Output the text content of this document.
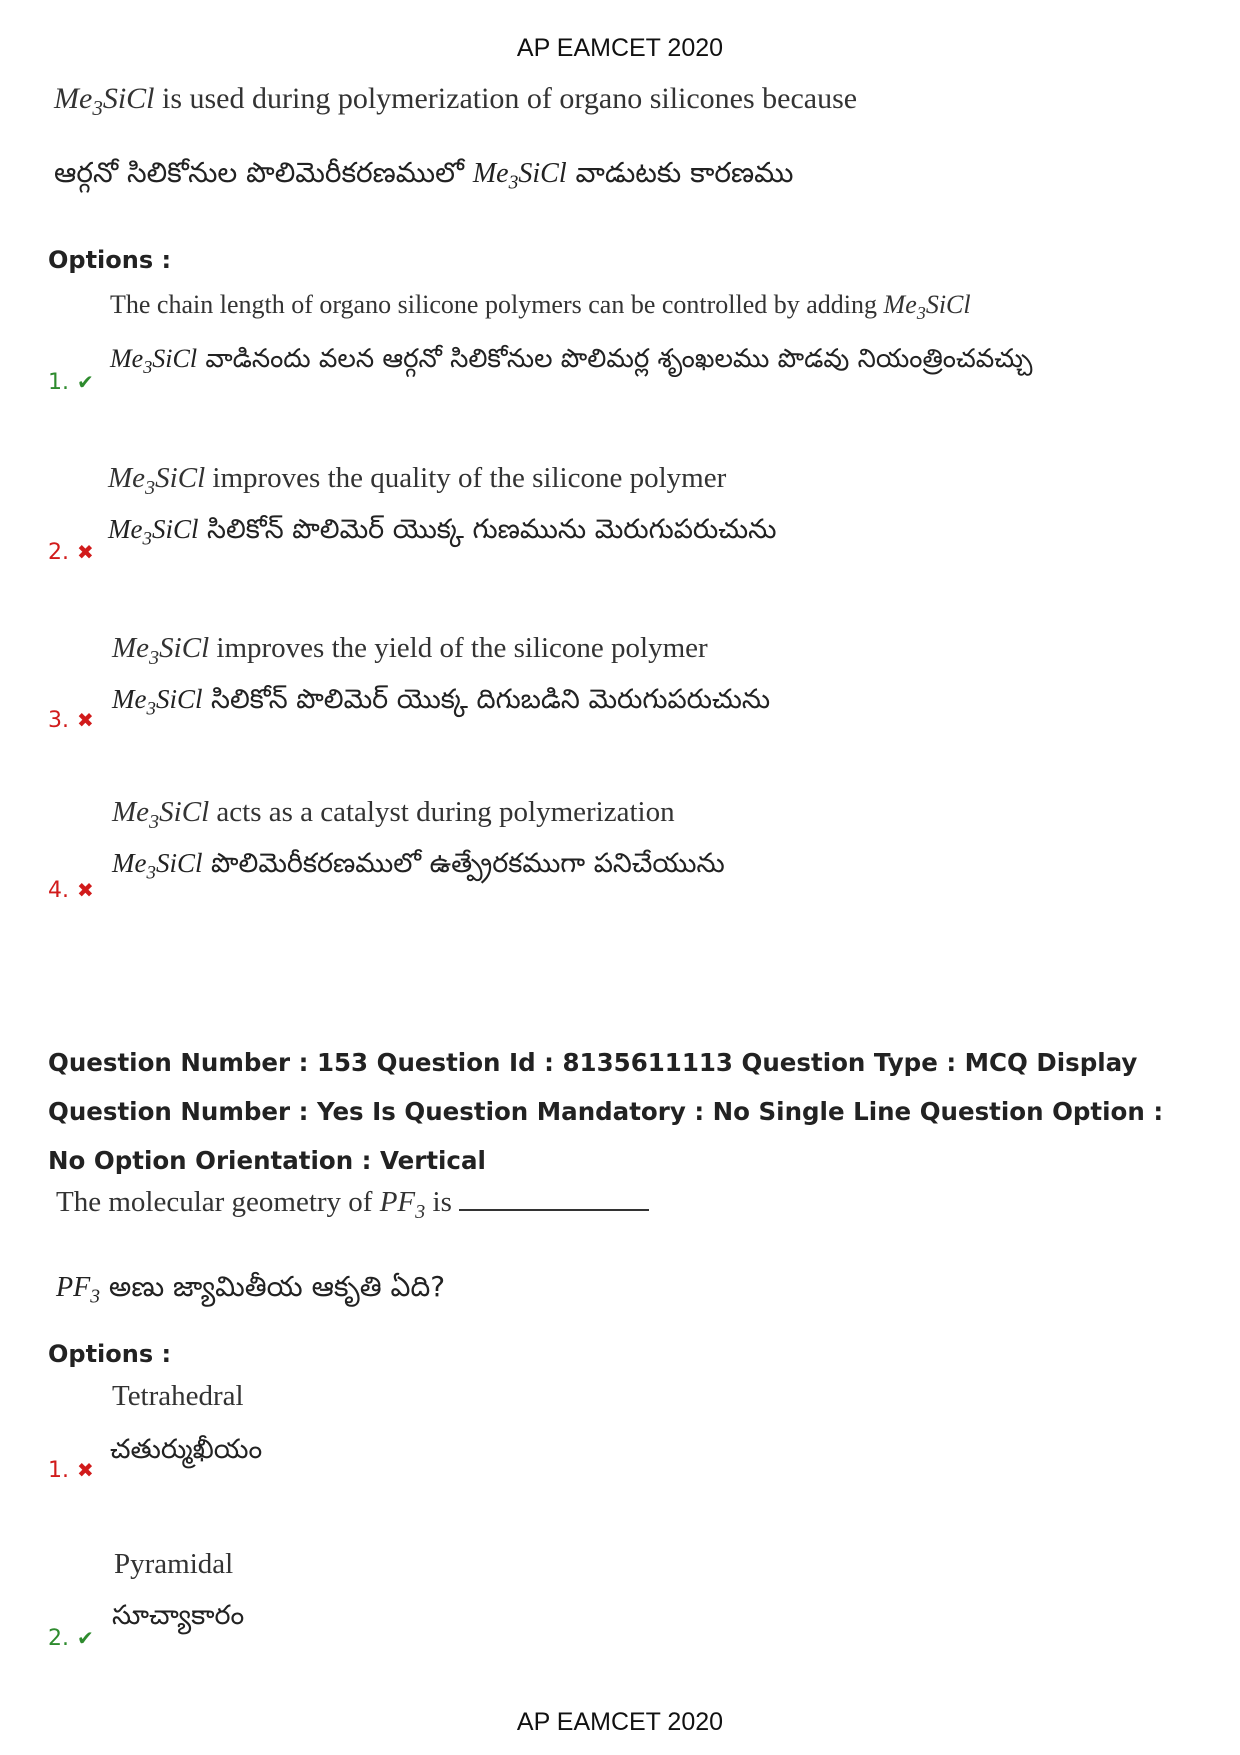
AP EAMCET 2020
$Me_3SiCl$ is used during polymerization of organo silicones because
ఆర్గనో సిలికోనుల పొలిమెరీకరణములో $Me_3SiCl$ వాడుటకు కారణము
Options :
The chain length of organo silicone polymers can be controlled by adding $Me_3SiCl$
$Me_3SiCl$ వాడినందు వలన ఆర్గనో సిలికోనుల పొలిమర్ల శృంఖలము పొడవు నియంత్రించవచ్చు
1. ✔
$Me_3SiCl$ improves the quality of the silicone polymer
$Me_3SiCl$ సిలికోన్ పొలిమెర్ యొక్క గుణమును మెరుగుపరుచును
2. ✖
$Me_3SiCl$ improves the yield of the silicone polymer
$Me_3SiCl$ సిలికోన్ పొలిమెర్ యొక్క దిగుబడిని మెరుగుపరుచును
3. ✖
$Me_3SiCl$ acts as a catalyst during polymerization
$Me_3SiCl$ పొలిమెరీకరణములో ఉత్ప్రేరకముగా పనిచేయును
4. ✖
Question Number : 153 Question Id : 8135611113 Question Type : MCQ Display Question Number : Yes Is Question Mandatory : No Single Line Question Option : No Option Orientation : Vertical
The molecular geometry of $PF_3$ is
$PF_3$ అణు జ్యామితీయ ఆకృతి ఏది?
Options :
Tetrahedral
చతుర్ముఖీయం
1. ✖
Pyramidal
సూచ్యాకారం
2. ✔
AP EAMCET 2020
